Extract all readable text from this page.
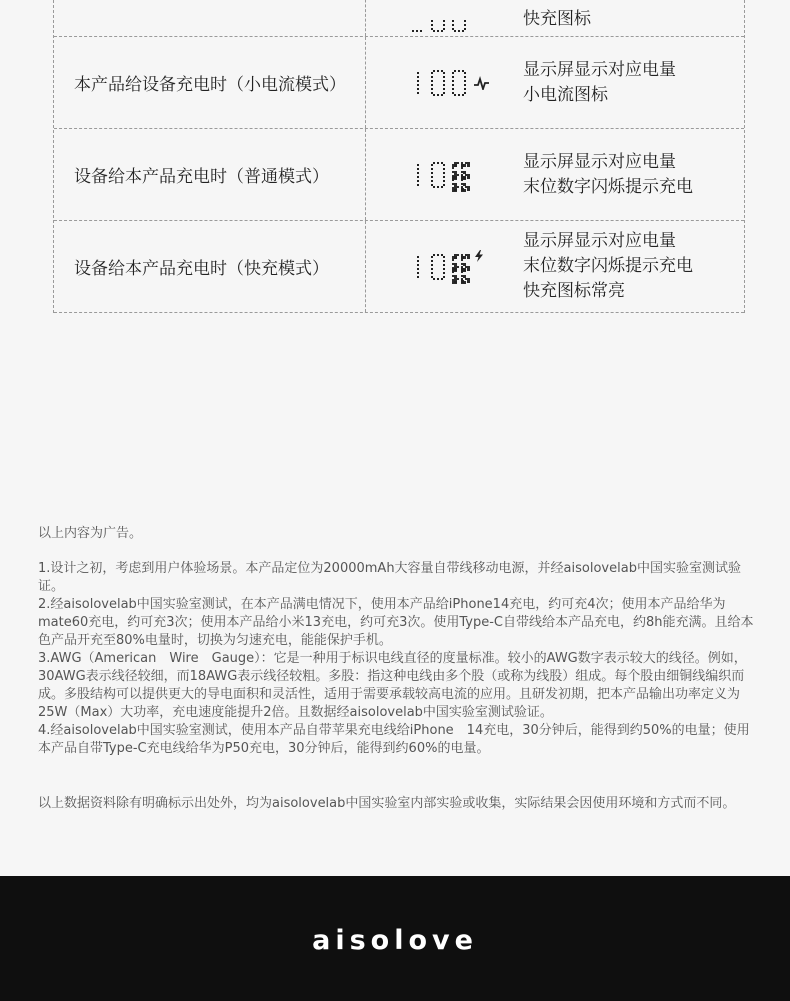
快充图标
本产品给设备充电时（小电流模式）
显示屏显示对应电量
小电流图标
设备给本产品充电时（普通模式）
显示屏显示对应电量
末位数字闪烁提示充电
设备给本产品充电时（快充模式）
显示屏显示对应电量
末位数字闪烁提示充电
快充图标常亮

以上内容为广告。

1.设计之初，考虑到用户体验场景。本产品定位为20000mAh大容量自带线移动电源，并经aisolovelab中国实验室测试验证。

2.经aisolovelab中国实验室测试，在本产品满电情况下，使用本产品给iPhone14充电，约可充4次；使用本产品给华为mate60充电，约可充3次；使用本产品给小米13充电，约可充3次。使用Type-C自带线给本产品充电，约8h能充满。且给本色产品开充至80%电量时，切换为匀速充电，能能保护手机。

3.AWG（American　Wire　Gauge）：它是一种用于标识电线直径的度量标准。较小的AWG数字表示较大的线径。例如，30AWG表示线径较细，而18AWG表示线径较粗。多股：指这种电线由多个股（或称为线股）组成。每个股由细铜线编织而成。多股结构可以提供更大的导电面积和灵活性，适用于需要承载较高电流的应用。且研发初期，把本产品输出功率定义为25W（Max）大功率，充电速度能提升2倍。且数据经aisolovelab中国实验室测试验证。

4.经aisolovelab中国实验室测试，使用本产品自带苹果充电线给iPhone　14充电，30分钟后，能得到约50%的电量；使用本产品自带Type-C充电线给华为P50充电，30分钟后，能得到约60%的电量。

以上数据资料除有明确标示出处外，均为aisolovelab中国实验室内部实验或收集，实际结果会因使用环境和方式而不同。

aisolove
